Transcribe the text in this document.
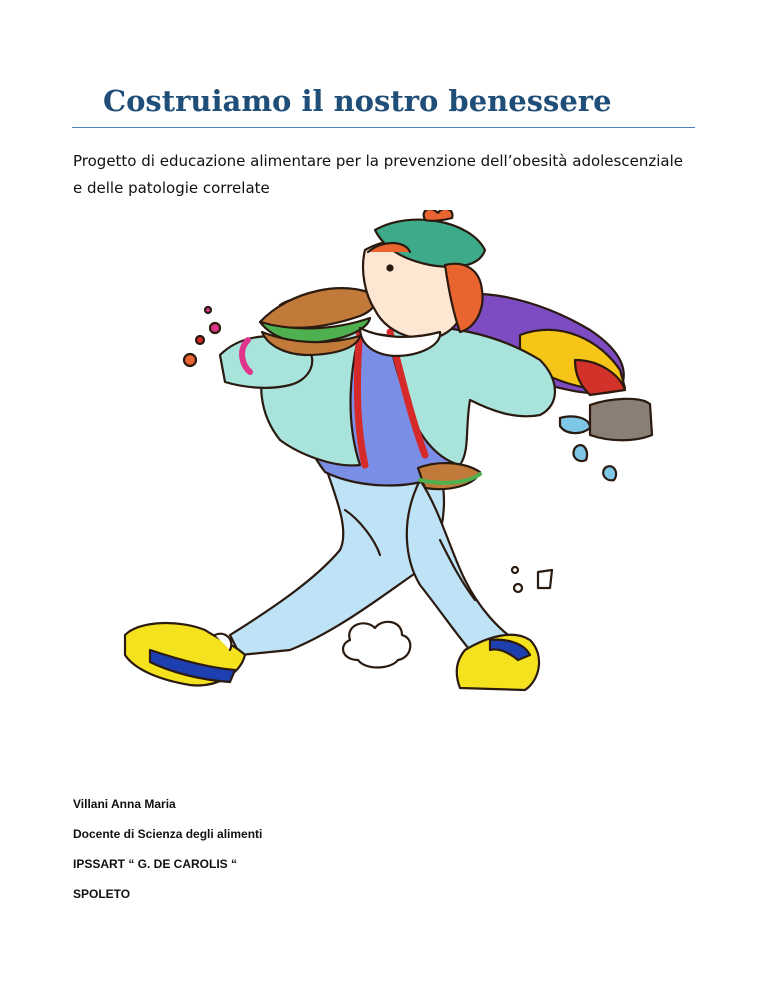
Costruiamo il nostro benessere

Progetto di educazione alimentare per la prevenzione dell’obesità adolescenziale e delle patologie correlate

Villani Anna Maria

Docente di Scienza degli alimenti

IPSSART “ G. DE CAROLIS “

SPOLETO
